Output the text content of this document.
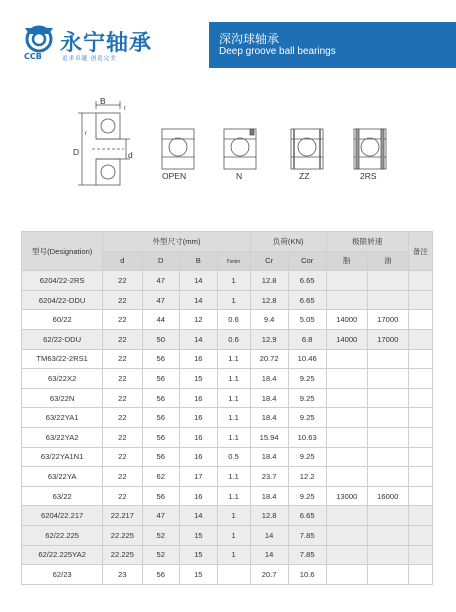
永宁轴承
CCB	追求卓越 创造完美
深沟球轴承
Deep groove ball bearings
B
r
r
D	d
OPEN	N	ZZ	2RS
型号(Designation)	外型尺寸(mm)				负荷(KN)		极限转速		备注
	d	D	B	rsmin	Cr	Cor	脂	油	
6204/22-2RS	22	47	14	1	12.8	6.65			
6204/22-DDU	22	47	14	1	12.8	6.65			
60/22	22	44	12	0.6	9.4	5.05	14000	17000	
62/22-DDU	22	50	14	0.6	12.9	6.8	14000	17000	
TM63/22-2RS1	22	56	16	1.1	20.72	10.46			
63/22X2	22	56	15	1.1	18.4	9.25			
63/22N	22	56	16	1.1	18.4	9.25			
63/22YA1	22	56	16	1.1	18.4	9.25			
63/22YA2	22	56	16	1.1	15.94	10.63			
63/22YA1N1	22	56	16	0.5	18.4	9.25			
63/22YA	22	62	17	1.1	23.7	12.2			
63/22	22	56	16	1.1	18.4	9.25	13000	16000	
6204/22.217	22.217	47	14	1	12.8	6.65			
62/22.225	22.225	52	15	1	14	7.85			
62/22.225YA2	22.225	52	15	1	14	7.85			
62/23	23	56	15		20.7	10.6			
